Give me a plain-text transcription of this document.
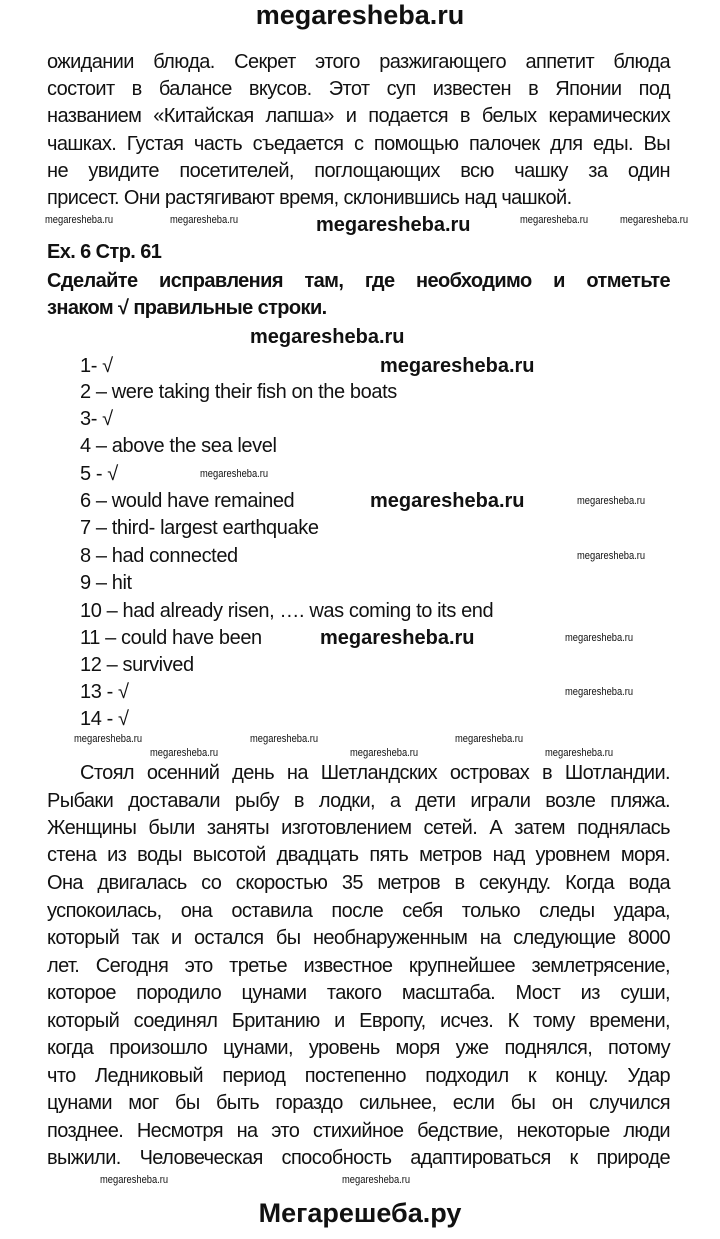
megaresheba.ru
ожидании блюда. Секрет этого разжигающего аппетит блюда
состоит в балансе вкусов. Этот суп известен в Японии под
названием «Китайская лапша» и подается в белых керамических
чашках. Густая часть съедается с помощью палочек для еды. Вы
не увидите посетителей, поглощающих всю чашку за один
присест. Они растягивают время, склонившись над чашкой.
Ex. 6 Стр. 61
Сделайте исправления там, где необходимо и отметьте
знаком √ правильные строки.
1- √
2 – were taking their fish on the boats
3- √
4 – above the sea level
5 - √
6 – would have remained
7 – third- largest earthquake
8 – had connected
9 – hit
10 – had already risen, …. was coming to its end
11 – could have been
12 – survived
13 - √
14 - √
Стоял осенний день на Шетландских островах в Шотландии.
Рыбаки доставали рыбу в лодки, а дети играли возле пляжа.
Женщины были заняты изготовлением сетей. А затем поднялась
стена из воды высотой двадцать пять метров над уровнем моря.
Она двигалась со скоростью 35 метров в секунду. Когда вода
успокоилась, она оставила после себя только следы удара,
который так и остался бы необнаруженным на следующие 8000
лет. Сегодня это третье известное крупнейшее землетрясение,
которое породило цунами такого масштаба. Мост из суши,
который соединял Британию и Европу, исчез. К тому времени,
когда произошло цунами, уровень моря уже поднялся, потому
что Ледниковый период постепенно подходил к концу. Удар
цунами мог бы быть гораздо сильнее, если бы он случился
позднее. Несмотря на это стихийное бедствие, некоторые люди
выжили. Человеческая способность адаптироваться к природе
megaresheba.ru	megaresheba.ru	megaresheba.ru	megaresheba.ru	megaresheba.ru
megaresheba.ru
megaresheba.ru
megaresheba.ru
megaresheba.ru	megaresheba.ru
megaresheba.ru
megaresheba.ru	megaresheba.ru
megaresheba.ru
megaresheba.ru	megaresheba.ru	megaresheba.ru
megaresheba.ru	megaresheba.ru	megaresheba.ru
megaresheba.ru	megaresheba.ru
Мегарешеба.ру
